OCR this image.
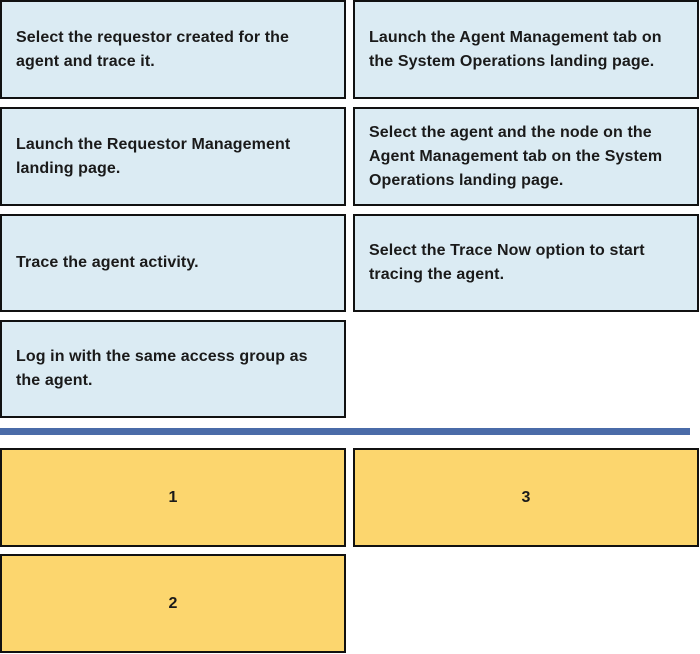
Select the requestor created for the agent and trace it.
Launch the Agent Management tab on the System Operations landing page.
Launch the Requestor Management landing page.
Select the agent and the node on the Agent Management tab on the System Operations landing page.
Trace the agent activity.
Select the Trace Now option to start tracing the agent.
Log in with the same access group as the agent.
1	3
2
